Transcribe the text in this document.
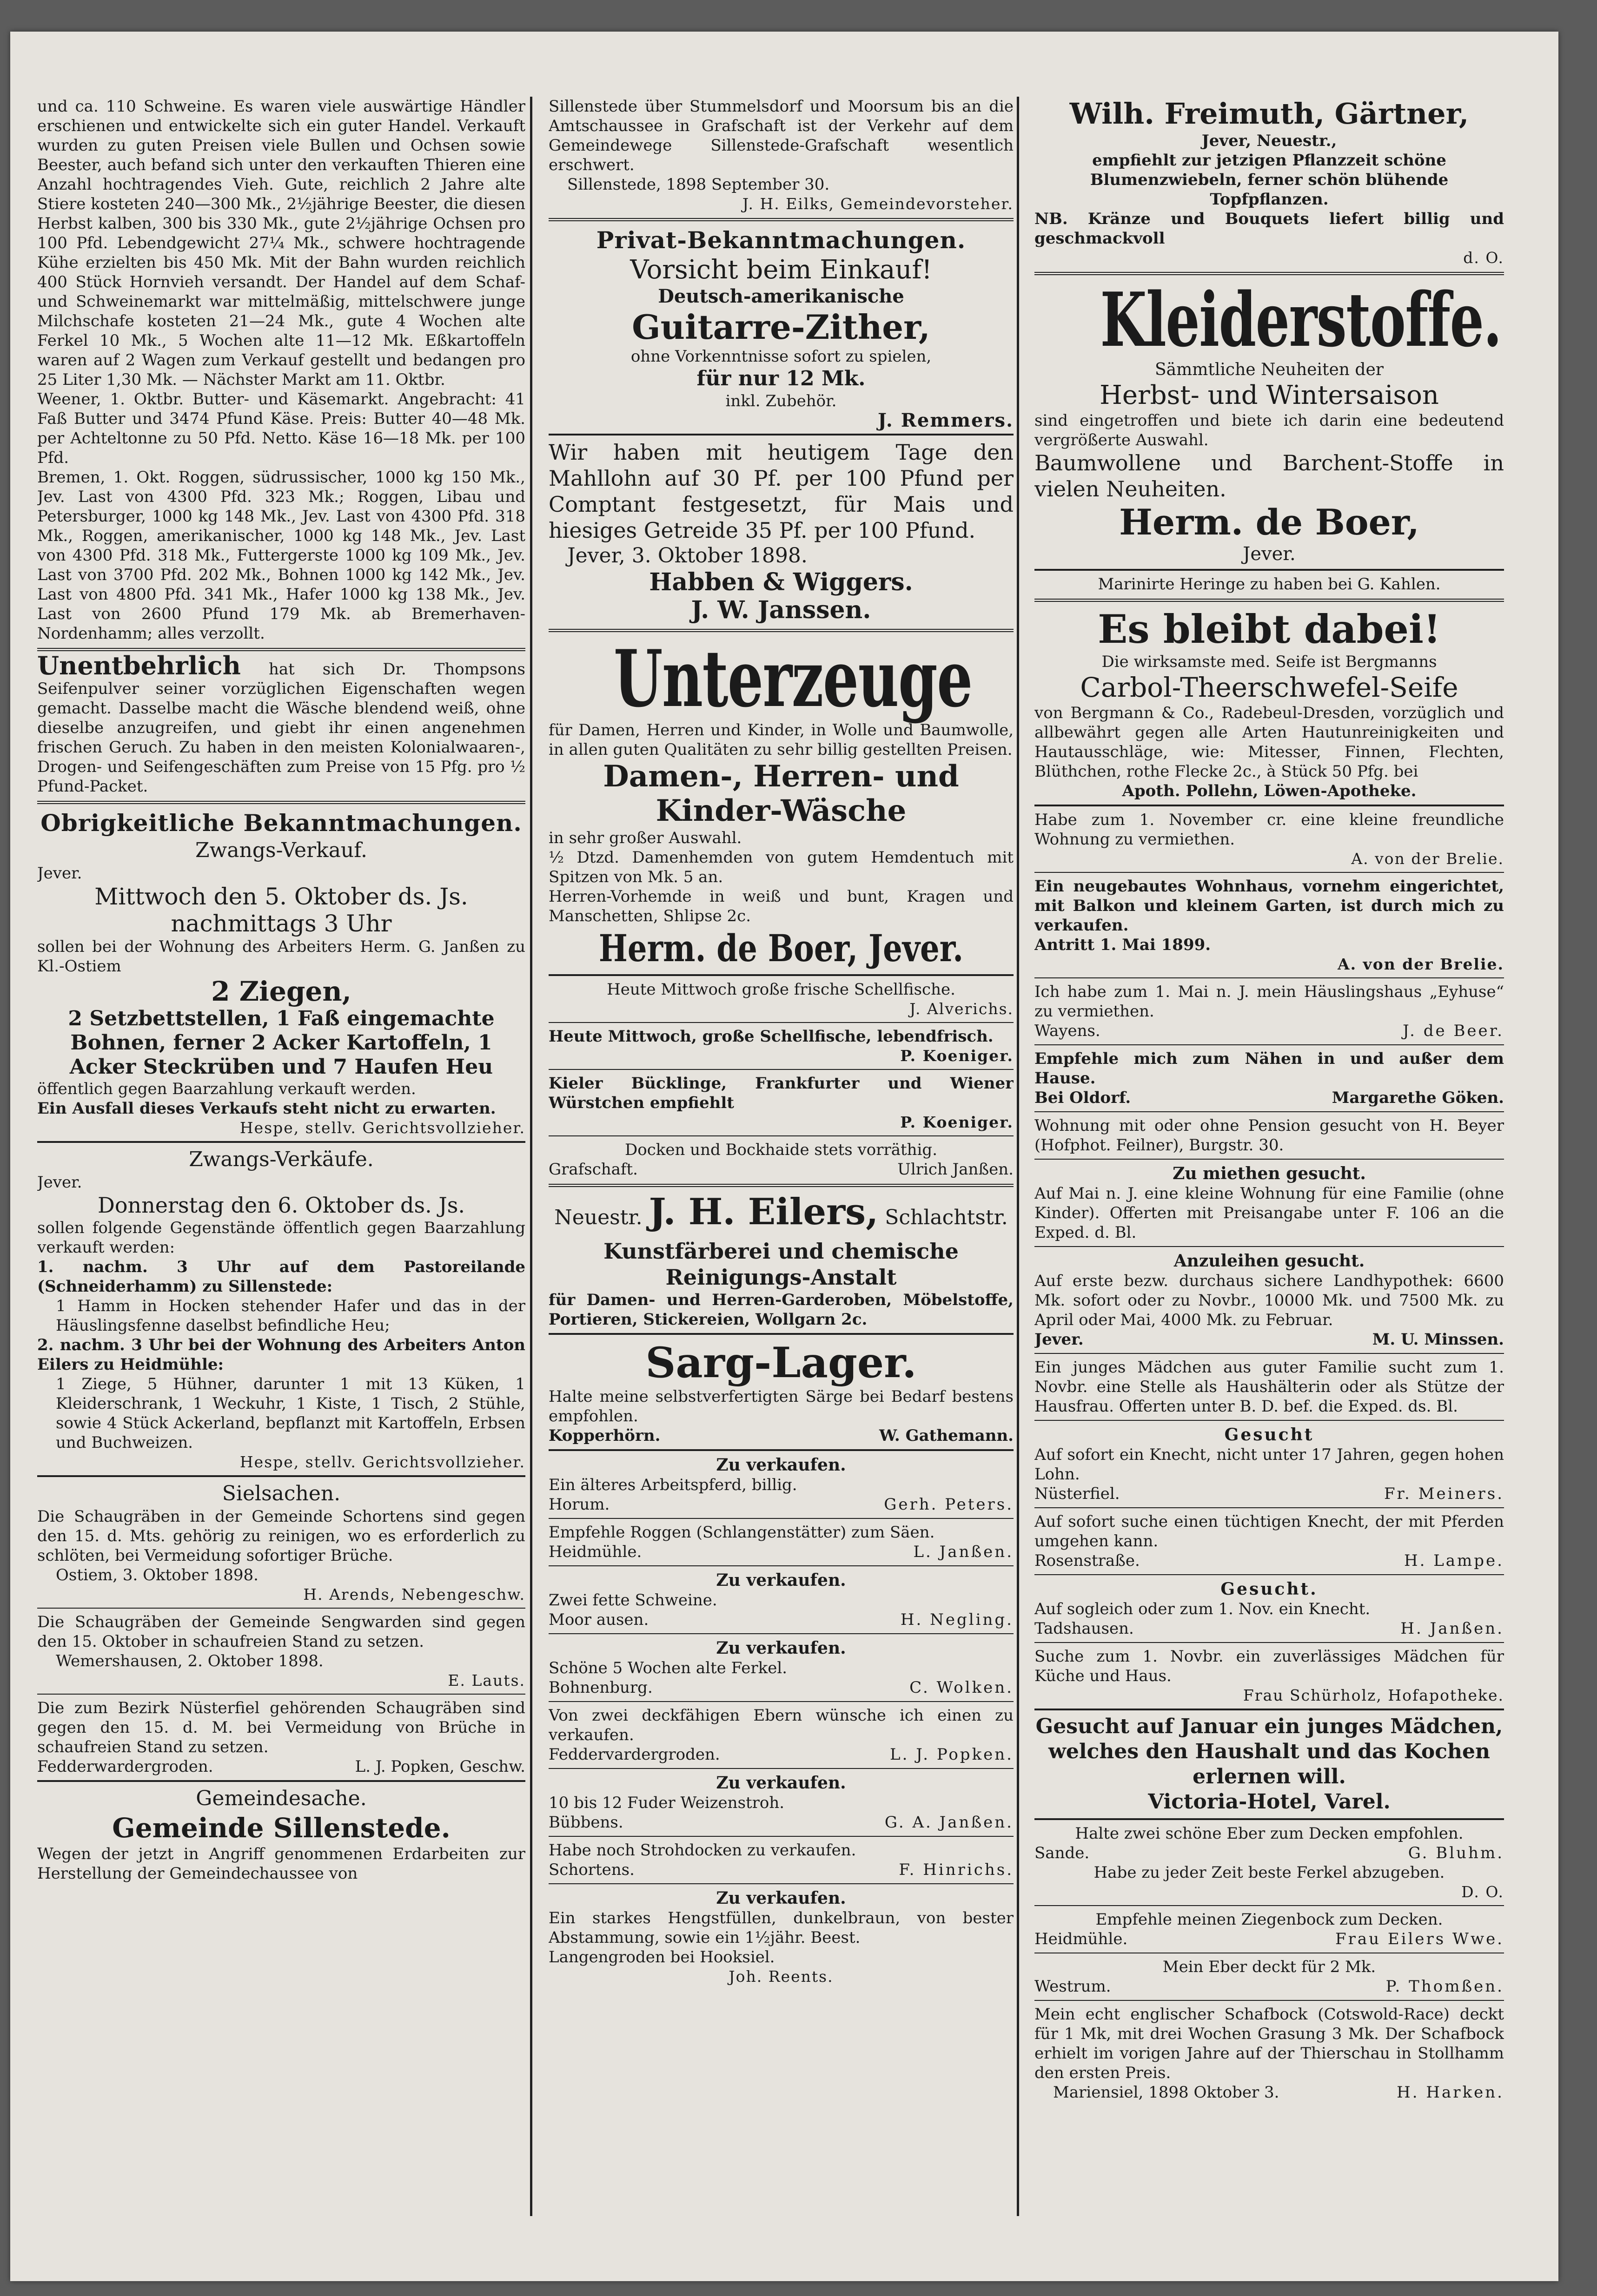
und ca. 110 Schweine. Es waren viele auswärtige Händler erschienen und entwickelte sich ein guter Handel. Verkauft wurden zu guten Preisen viele Bullen und Ochsen sowie Beester, auch befand sich unter den verkauften Thieren eine Anzahl hochtragendes Vieh. Gute, reichlich 2 Jahre alte Stiere kosteten 240—300 Mk., 2½jährige Beester, die diesen Herbst kalben, 300 bis 330 Mk., gute 2½jährige Ochsen pro 100 Pfd. Lebendgewicht 27¼ Mk., schwere hochtragende Kühe erzielten bis 450 Mk. Mit der Bahn wurden reichlich 400 Stück Hornvieh versandt. Der Handel auf dem Schaf- und Schweinemarkt war mittelmäßig, mittelschwere junge Milchschafe kosteten 21—24 Mk., gute 4 Wochen alte Ferkel 10 Mk., 5 Wochen alte 11—12 Mk. Eßkartoffeln waren auf 2 Wagen zum Verkauf gestellt und bedangen pro 25 Liter 1,30 Mk. — Nächster Markt am 11. Oktbr.

Weener, 1. Oktbr. Butter- und Käsemarkt. Angebracht: 41 Faß Butter und 3474 Pfund Käse. Preis: Butter 40—48 Mk. per Achteltonne zu 50 Pfd. Netto. Käse 16—18 Mk. per 100 Pfd.

Bremen, 1. Okt. Roggen, südrussischer, 1000 kg 150 Mk., Jev. Last von 4300 Pfd. 323 Mk.; Roggen, Libau und Petersburger, 1000 kg 148 Mk., Jev. Last von 4300 Pfd. 318 Mk., Roggen, amerikanischer, 1000 kg 148 Mk., Jev. Last von 4300 Pfd. 318 Mk., Futtergerste 1000 kg 109 Mk., Jev. Last von 3700 Pfd. 202 Mk., Bohnen 1000 kg 142 Mk., Jev. Last von 4800 Pfd. 341 Mk., Hafer 1000 kg 138 Mk., Jev. Last von 2600 Pfund 179 Mk. ab Bremerhaven-Nordenhamm; alles verzollt.

Unentbehrlich hat sich Dr. Thompsons Seifenpulver seiner vorzüglichen Eigenschaften wegen gemacht. Dasselbe macht die Wäsche blendend weiß, ohne dieselbe anzugreifen, und giebt ihr einen angenehmen frischen Geruch. Zu haben in den meisten Kolonialwaaren-, Drogen- und Seifengeschäften zum Preise von 15 Pfg. pro ½ Pfund-Packet.

Obrigkeitliche Bekanntmachungen.

Zwangs-Verkauf.

Jever.

Mittwoch den 5. Oktober ds. Js. nachmittags 3 Uhr

sollen bei der Wohnung des Arbeiters Herm. G. Janßen zu Kl.-Ostiem

2 Ziegen,

2 Setzbettstellen, 1 Faß eingemachte Bohnen, ferner 2 Acker Kartoffeln, 1 Acker Steckrüben und 7 Haufen Heu

öffentlich gegen Baarzahlung verkauft werden.

Ein Ausfall dieses Verkaufs steht nicht zu erwarten.

Hespe, stellv. Gerichtsvollzieher.

Zwangs-Verkäufe.

Jever.

Donnerstag den 6. Oktober ds. Js.

sollen folgende Gegenstände öffentlich gegen Baarzahlung verkauft werden:

1. nachm. 3 Uhr auf dem Pastoreilande (Schneiderhamm) zu Sillenstede:

1 Hamm in Hocken stehender Hafer und das in der Häuslingsfenne daselbst befindliche Heu;

2. nachm. 3 Uhr bei der Wohnung des Arbeiters Anton Eilers zu Heidmühle:

1 Ziege, 5 Hühner, darunter 1 mit 13 Küken, 1 Kleiderschrank, 1 Weckuhr, 1 Kiste, 1 Tisch, 2 Stühle, sowie 4 Stück Ackerland, bepflanzt mit Kartoffeln, Erbsen und Buchweizen.

Hespe, stellv. Gerichtsvollzieher.

Sielsachen.

Die Schaugräben in der Gemeinde Schortens sind gegen den 15. d. Mts. gehörig zu reinigen, wo es erforderlich zu schlöten, bei Vermeidung sofortiger Brüche.

Ostiem, 3. Oktober 1898.

H. Arends, Nebengeschw.

Die Schaugräben der Gemeinde Sengwarden sind gegen den 15. Oktober in schaufreien Stand zu setzen.

Wemershausen, 2. Oktober 1898.

E. Lauts.

Die zum Bezirk Nüsterfiel gehörenden Schaugräben sind gegen den 15. d. M. bei Vermeidung von Brüche in schaufreien Stand zu setzen.

Fedderwardergroden.	L. J. Popken, Geschw.

Gemeindesache.

Gemeinde Sillenstede.

Wegen der jetzt in Angriff genommenen Erdarbeiten zur Herstellung der Gemeindechaussee von

Sillenstede über Stummelsdorf und Moorsum bis an die Amtschaussee in Grafschaft ist der Verkehr auf dem Gemeindewege Sillenstede-Grafschaft wesentlich erschwert.

Sillenstede, 1898 September 30.

J. H. Eilks, Gemeindevorsteher.

Privat-Bekanntmachungen.

Vorsicht beim Einkauf!

Deutsch-amerikanische

Guitarre-Zither,

ohne Vorkenntnisse sofort zu spielen,

für nur 12 Mk.

inkl. Zubehör.

J. Remmers.

Wir haben mit heutigem Tage den Mahllohn auf 30 Pf. per 100 Pfund per Comptant festgesetzt, für Mais und hiesiges Getreide 35 Pf. per 100 Pfund.

Jever, 3. Oktober 1898.

Habben & Wiggers.

J. W. Janssen.

Unterzeuge

für Damen, Herren und Kinder, in Wolle und Baumwolle, in allen guten Qualitäten zu sehr billig gestellten Preisen.

Damen-, Herren- und Kinder-Wäsche

in sehr großer Auswahl.

½ Dtzd. Damenhemden von gutem Hemdentuch mit Spitzen von Mk. 5 an.

Herren-Vorhemde in weiß und bunt, Kragen und Manschetten, Shlipse 2c.

Herm. de Boer, Jever.

Heute Mittwoch große frische Schellfische.

J. Alverichs.

Heute Mittwoch, große Schellfische, lebendfrisch.

P. Koeniger.

Kieler Bücklinge, Frankfurter und Wiener Würstchen empfiehlt

P. Koeniger.

Docken und Bockhaide stets vorräthig.

Grafschaft.	Ulrich Janßen.

Neuestr. J. H. Eilers, Schlachtstr.

Kunstfärberei und chemische

Reinigungs-Anstalt

für Damen- und Herren-Garderoben, Möbelstoffe, Portieren, Stickereien, Wollgarn 2c.

Sarg-Lager.

Halte meine selbstverfertigten Särge bei Bedarf bestens empfohlen.

Kopperhörn.	W. Gathemann.

Zu verkaufen.

Ein älteres Arbeitspferd, billig.

Horum.	Gerh. Peters.

Empfehle Roggen (Schlangenstätter) zum Säen.

Heidmühle.	L. Janßen.

Zu verkaufen.

Zwei fette Schweine.

Moor ausen.	H. Negling.

Zu verkaufen.

Schöne 5 Wochen alte Ferkel.

Bohnenburg.	C. Wolken.

Von zwei deckfähigen Ebern wünsche ich einen zu verkaufen.

Feddervardergroden.	L. J. Popken.

Zu verkaufen.

10 bis 12 Fuder Weizenstroh.

Bübbens.	G. A. Janßen.

Habe noch Strohdocken zu verkaufen.

Schortens.	F. Hinrichs.

Zu verkaufen.

Ein starkes Hengstfüllen, dunkelbraun, von bester Abstammung, sowie ein 1½jähr. Beest.

Langengroden bei Hooksiel.

Joh. Reents.

Wilh. Freimuth, Gärtner,

Jever, Neuestr.,

empfiehlt zur jetzigen Pflanzzeit schöne Blumenzwiebeln, ferner schön blühende Topfpflanzen.

NB. Kränze und Bouquets liefert billig und geschmackvoll

d. O.

Kleiderstoffe.

Sämmtliche Neuheiten der

Herbst- und Wintersaison

sind eingetroffen und biete ich darin eine bedeutend vergrößerte Auswahl.

Baumwollene und Barchent-Stoffe in vielen Neuheiten.

Herm. de Boer,

Jever.

Marinirte Heringe zu haben bei G. Kahlen.

Es bleibt dabei!

Die wirksamste med. Seife ist Bergmanns

Carbol-Theerschwefel-Seife

von Bergmann & Co., Radebeul-Dresden, vorzüglich und allbewährt gegen alle Arten Hautunreinigkeiten und Hautausschläge, wie: Mitesser, Finnen, Flechten, Blüthchen, rothe Flecke 2c., à Stück 50 Pfg. bei

Apoth. Pollehn, Löwen-Apotheke.

Habe zum 1. November cr. eine kleine freundliche Wohnung zu vermiethen.

A. von der Brelie.

Ein neugebautes Wohnhaus, vornehm eingerichtet, mit Balkon und kleinem Garten, ist durch mich zu verkaufen.

Antritt 1. Mai 1899.

A. von der Brelie.

Ich habe zum 1. Mai n. J. mein Häuslingshaus „Eyhuse“ zu vermiethen.

Wayens.	J. de Beer.

Empfehle mich zum Nähen in und außer dem Hause.

Bei Oldorf.	Margarethe Göken.

Wohnung mit oder ohne Pension gesucht von H. Beyer (Hofphot. Feilner), Burgstr. 30.

Zu miethen gesucht.

Auf Mai n. J. eine kleine Wohnung für eine Familie (ohne Kinder). Offerten mit Preisangabe unter F. 106 an die Exped. d. Bl.

Anzuleihen gesucht.

Auf erste bezw. durchaus sichere Landhypothek: 6600 Mk. sofort oder zu Novbr., 10000 Mk. und 7500 Mk. zu April oder Mai, 4000 Mk. zu Februar.

Jever.	M. U. Minssen.

Ein junges Mädchen aus guter Familie sucht zum 1. Novbr. eine Stelle als Haushälterin oder als Stütze der Hausfrau. Offerten unter B. D. bef. die Exped. ds. Bl.

Gesucht

Auf sofort ein Knecht, nicht unter 17 Jahren, gegen hohen Lohn.

Nüsterfiel.	Fr. Meiners.

Auf sofort suche einen tüchtigen Knecht, der mit Pferden umgehen kann.

Rosenstraße.	H. Lampe.

Gesucht.

Auf sogleich oder zum 1. Nov. ein Knecht.

Tadshausen.	H. Janßen.

Suche zum 1. Novbr. ein zuverlässiges Mädchen für Küche und Haus.

Frau Schürholz, Hofapotheke.

Gesucht auf Januar ein junges Mädchen, welches den Haushalt und das Kochen erlernen will.

Victoria-Hotel, Varel.

Halte zwei schöne Eber zum Decken empfohlen.

Sande.	G. Bluhm.

Habe zu jeder Zeit beste Ferkel abzugeben.

D. O.

Empfehle meinen Ziegenbock zum Decken.

Heidmühle.	Frau Eilers Wwe.

Mein Eber deckt für 2 Mk.

Westrum.	P. Thomßen.

Mein echt englischer Schafbock (Cotswold-Race) deckt für 1 Mk, mit drei Wochen Grasung 3 Mk. Der Schafbock erhielt im vorigen Jahre auf der Thierschau in Stollhamm den ersten Preis.

Mariensiel, 1898 Oktober 3.	H. Harken.
